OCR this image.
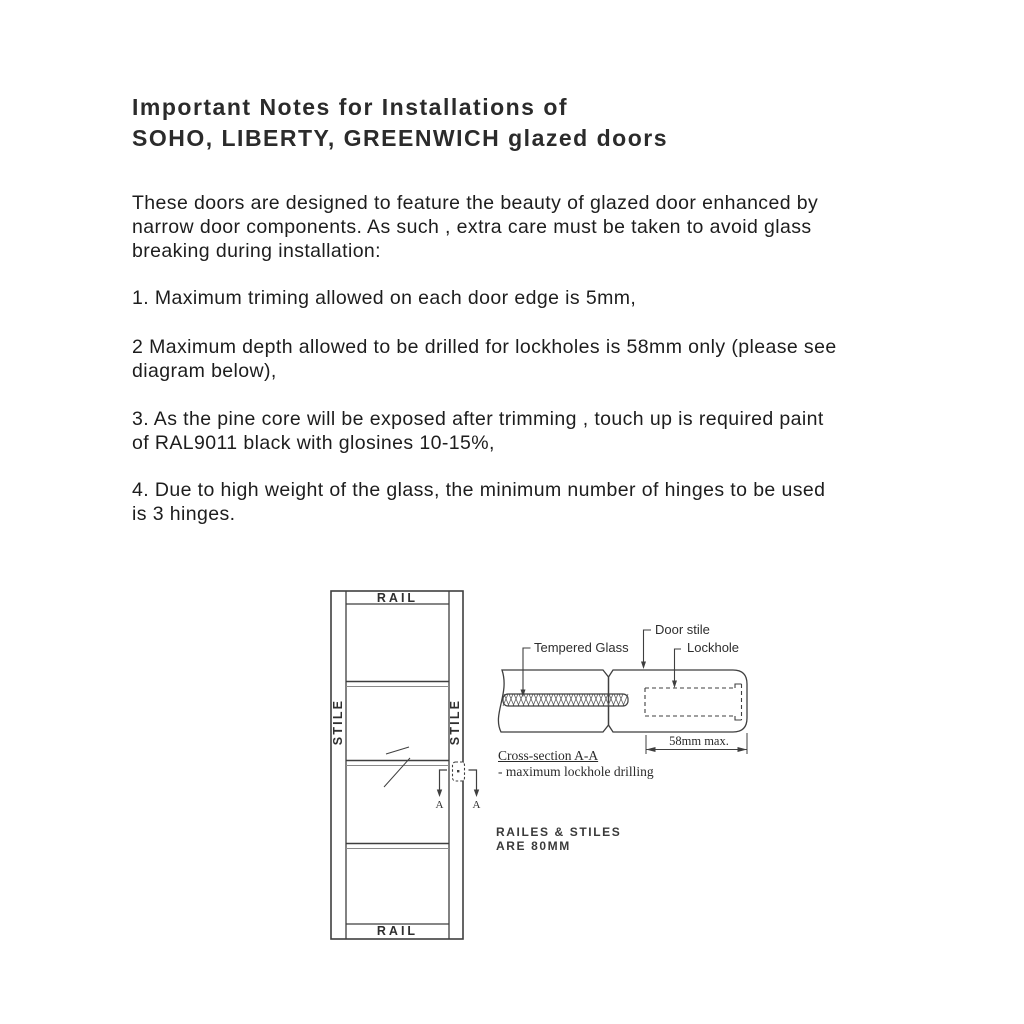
Important Notes for Installations of
SOHO, LIBERTY, GREENWICH glazed doors
These doors are designed to feature the beauty of glazed door enhanced by
narrow door components. As such , extra care must be taken to avoid glass
breaking during installation:
1. Maximum triming allowed on each door edge is 5mm,
2 Maximum depth allowed to be drilled for lockholes is 58mm only (please see
diagram below),
3. As the pine core will be exposed after trimming , touch up is required paint
of RAL9011 black with glosines 10-15%,
4. Due to high weight of the glass, the minimum number of hinges to be used
is 3 hinges.
RAIL
RAIL
STILE	STILE
A	A
Tempered Glass
Door stile
Lockhole
58mm max.
Cross-section A-A
- maximum lockhole drilling
RAILES & STILES
ARE 80MM
